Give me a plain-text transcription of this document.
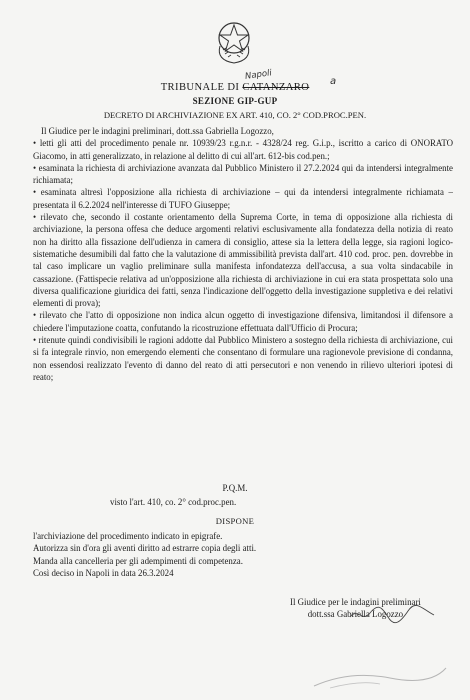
Napoli	a
TRIBUNALE DI CATANZARO
SEZIONE GIP-GUP
DECRETO DI ARCHIVIAZIONE EX ART. 410, CO. 2° COD.PROC.PEN.

Il Giudice per le indagini preliminari, dott.ssa Gabriella Logozzo,

• letti gli atti del procedimento penale nr. 10939/23 r.g.n.r. - 4328/24 reg. G.i.p., iscritto a carico di ONORATO Giacomo, in atti generalizzato, in relazione al delitto di cui all'art. 612-bis cod.pen.;

• esaminata la richiesta di archiviazione avanzata dal Pubblico Ministero il 27.2.2024 qui da intendersi integralmente richiamata;

• esaminata altresì l'opposizione alla richiesta di archiviazione – qui da intendersi integralmente richiamata – presentata il 6.2.2024 nell'interesse di TUFO Giuseppe;

• rilevato che, secondo il costante orientamento della Suprema Corte, in tema di opposizione alla richiesta di archiviazione, la persona offesa che deduce argomenti relativi esclusivamente alla fondatezza della notizia di reato non ha diritto alla fissazione dell'udienza in camera di consiglio, attese sia la lettera della legge, sia ragioni logico-sistematiche desumibili dal fatto che la valutazione di ammissibilità prevista dall'art. 410 cod. proc. pen. dovrebbe in tal caso implicare un vaglio preliminare sulla manifesta infondatezza dell'accusa, a sua volta sindacabile in cassazione. (Fattispecie relativa ad un'opposizione alla richiesta di archiviazione in cui era stata prospettata solo una diversa qualificazione giuridica dei fatti, senza l'indicazione dell'oggetto della investigazione suppletiva e dei relativi elementi di prova);

• rilevato che l'atto di opposizione non indica alcun oggetto di investigazione difensiva, limitandosi il difensore a chiedere l'imputazione coatta, confutando la ricostruzione effettuata dall'Ufficio di Procura;

• ritenute quindi condivisibili le ragioni addotte dal Pubblico Ministero a sostegno della richiesta di archiviazione, cui si fa integrale rinvio, non emergendo elementi che consentano di formulare una ragionevole previsione di condanna, non essendosi realizzato l'evento di danno del reato di atti persecutori e non venendo in rilievo ulteriori ipotesi di reato;

P.Q.M.
visto l'art. 410, co. 2° cod.proc.pen.
DISPONE

l'archiviazione del procedimento indicato in epigrafe.

Autorizza sin d'ora gli aventi diritto ad estrarre copia degli atti.

Manda alla cancelleria per gli adempimenti di competenza.

Così deciso in Napoli in data 26.3.2024

Il Giudice per le indagini preliminari

dott.ssa Gabriella Logozzo
